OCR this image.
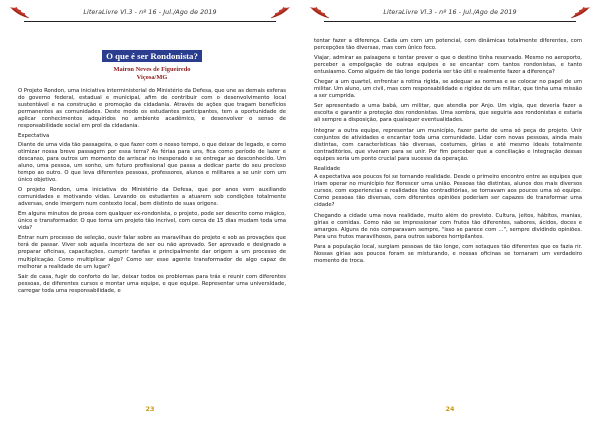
LiteraLivre Vl.3 - nº 16 - Jul./Ago de 2019
O que é ser Rondonista?
Mairon Neves de Figueiredo
Viçosa/MG

O Projeto Rondon, uma iniciativa interministerial do Ministério da Defesa, que une as demais esferas do governo federal, estadual e municipal, afim de contribuir com o desenvolvimento local sustentável e na construção e promoção da cidadania. Através de ações que tragam benefícios permanentes as comunidades. Deste modo os estudantes participantes, tem a oportunidade de aplicar conhecimentos adquiridos no ambiente acadêmico, e desenvolver o senso de responsabilidade social em prol da cidadania.

Expectativa

Diante de uma vida tão passageira, o que fazer com o nosso tempo, o que deixar de legado, e como otimizar nossa breve passagem por essa terra? As férias para uns, fica como período de lazer e descanso, para outros um momento de arriscar no inesperado e se entregar ao desconhecido. Um aluno, uma pessoa, um sonho, um futuro profissional que passa a dedicar parte do seu precioso tempo ao outro. O que leva diferentes pessoas, professores, alunos e militares a se unir com um único objetivo.

O projeto Rondon, uma iniciativa do Ministério da Defesa, que por anos vem auxiliando comunidades e motivando vidas. Levando os estudantes a atuarem sob condições totalmente adversas, onde imergem num contexto local, bem distinto de suas origens.

Em alguns minutos de prosa com qualquer ex-rondonista, o projeto, pode ser descrito como mágico, único e transformador. O que torna um projeto tão incrível, com cerca de 15 dias mudam toda uma vida?

Entrar num processo de seleção, ouvir falar sobre as maravilhas do projeto e sob as provações que terá de passar. Viver sob aquela incerteza de ser ou não aprovado. Ser aprovado e designado a preparar oficinas, capacitações, cumprir tarefas e principalmente dar origem a um processo de multiplicação. Como multiplicar algo? Como ser esse agente transformador de algo capaz de melhorar a realidade de um lugar?

Sair de casa, fugir do conforto do lar, deixar todos os problemas para trás e reunir com diferentes pessoas, de diferentes cursos e montar uma equipe, e que equipe. Representar uma universidade, carregar toda uma responsabilidade, e

23
LiteraLivre Vl.3 - nº 16 - Jul./Ago de 2019

tentar fazer a diferença. Cada um com um potencial, com dinâmicas totalmente diferentes, com percepções tão diversas, mas com único foco.

Viajar, admirar as paisagens e tentar prever o que o destino tinha reservado. Mesmo no aeroporto, perceber a empolgação de outras equipes e se encantar com tantos rondonistas, e tanto entusiasmo. Como alguém de tão longe poderia ser tão útil e realmente fazer a diferença?

Chegar a um quartel, enfrentar a rotina rígida, se adequar as normas e se colocar no papel de um militar. Um aluno, um civil, mas com responsabilidade e rigidez de um militar, que tinha uma missão a ser cumprida.

Ser apresentado a uma babá, um militar, que atendia por Anjo. Um vigia, que deveria fazer a escolta e garantir a proteção dos rondonistas. Uma sombra, que seguiria aos rondonistas e estaria ali sempre a disposição, para quaisquer eventualidades.

Integrar a outra equipe, representar um município, fazer parte de uma só peça do projeto. Unir conjuntos de atividades e encantar toda uma comunidade. Lidar com novas pessoas, ainda mais distintas, com características tão diversas, costumes, gírias e até mesmo ideais totalmente contraditórios, que viveram para se unir. Por fim perceber que a conciliação e integração dessas equipes seria um ponto crucial para sucesso da operação.

Realidade

A expectativa aos poucos foi se tornando realidade. Desde o primeiro encontro entre as equipes que iriam operar no município fez florescer uma união. Pessoas tão distintas, alunos dos mais diversos cursos, com experiencias e realidades tão contraditórias, se tornavam aos poucos uma só equipe. Como pessoas tão diversas, com diferentes opiniões poderiam ser capazes de transformar uma cidade?

Chegando a cidade uma nova realidade, muito além do previsto. Cultura, jeitos, hábitos, manias, gírias e comidas. Como não se impressionar com frutos tão diferentes, sabores, ácidos, doces e amargos. Alguns de nós comparavam sempre, "isso se parece com ...", sempre dividindo opiniões. Para uns frutos maravilhosos, para outros sabores horripilantes.

Para a população local, surgiam pessoas de tão longe, com sotaques tão diferentes que os fazia rir. Nossas gírias aos poucos foram se misturando, e nossas oficinas se tornaram um verdadeiro momento de troca.

24
